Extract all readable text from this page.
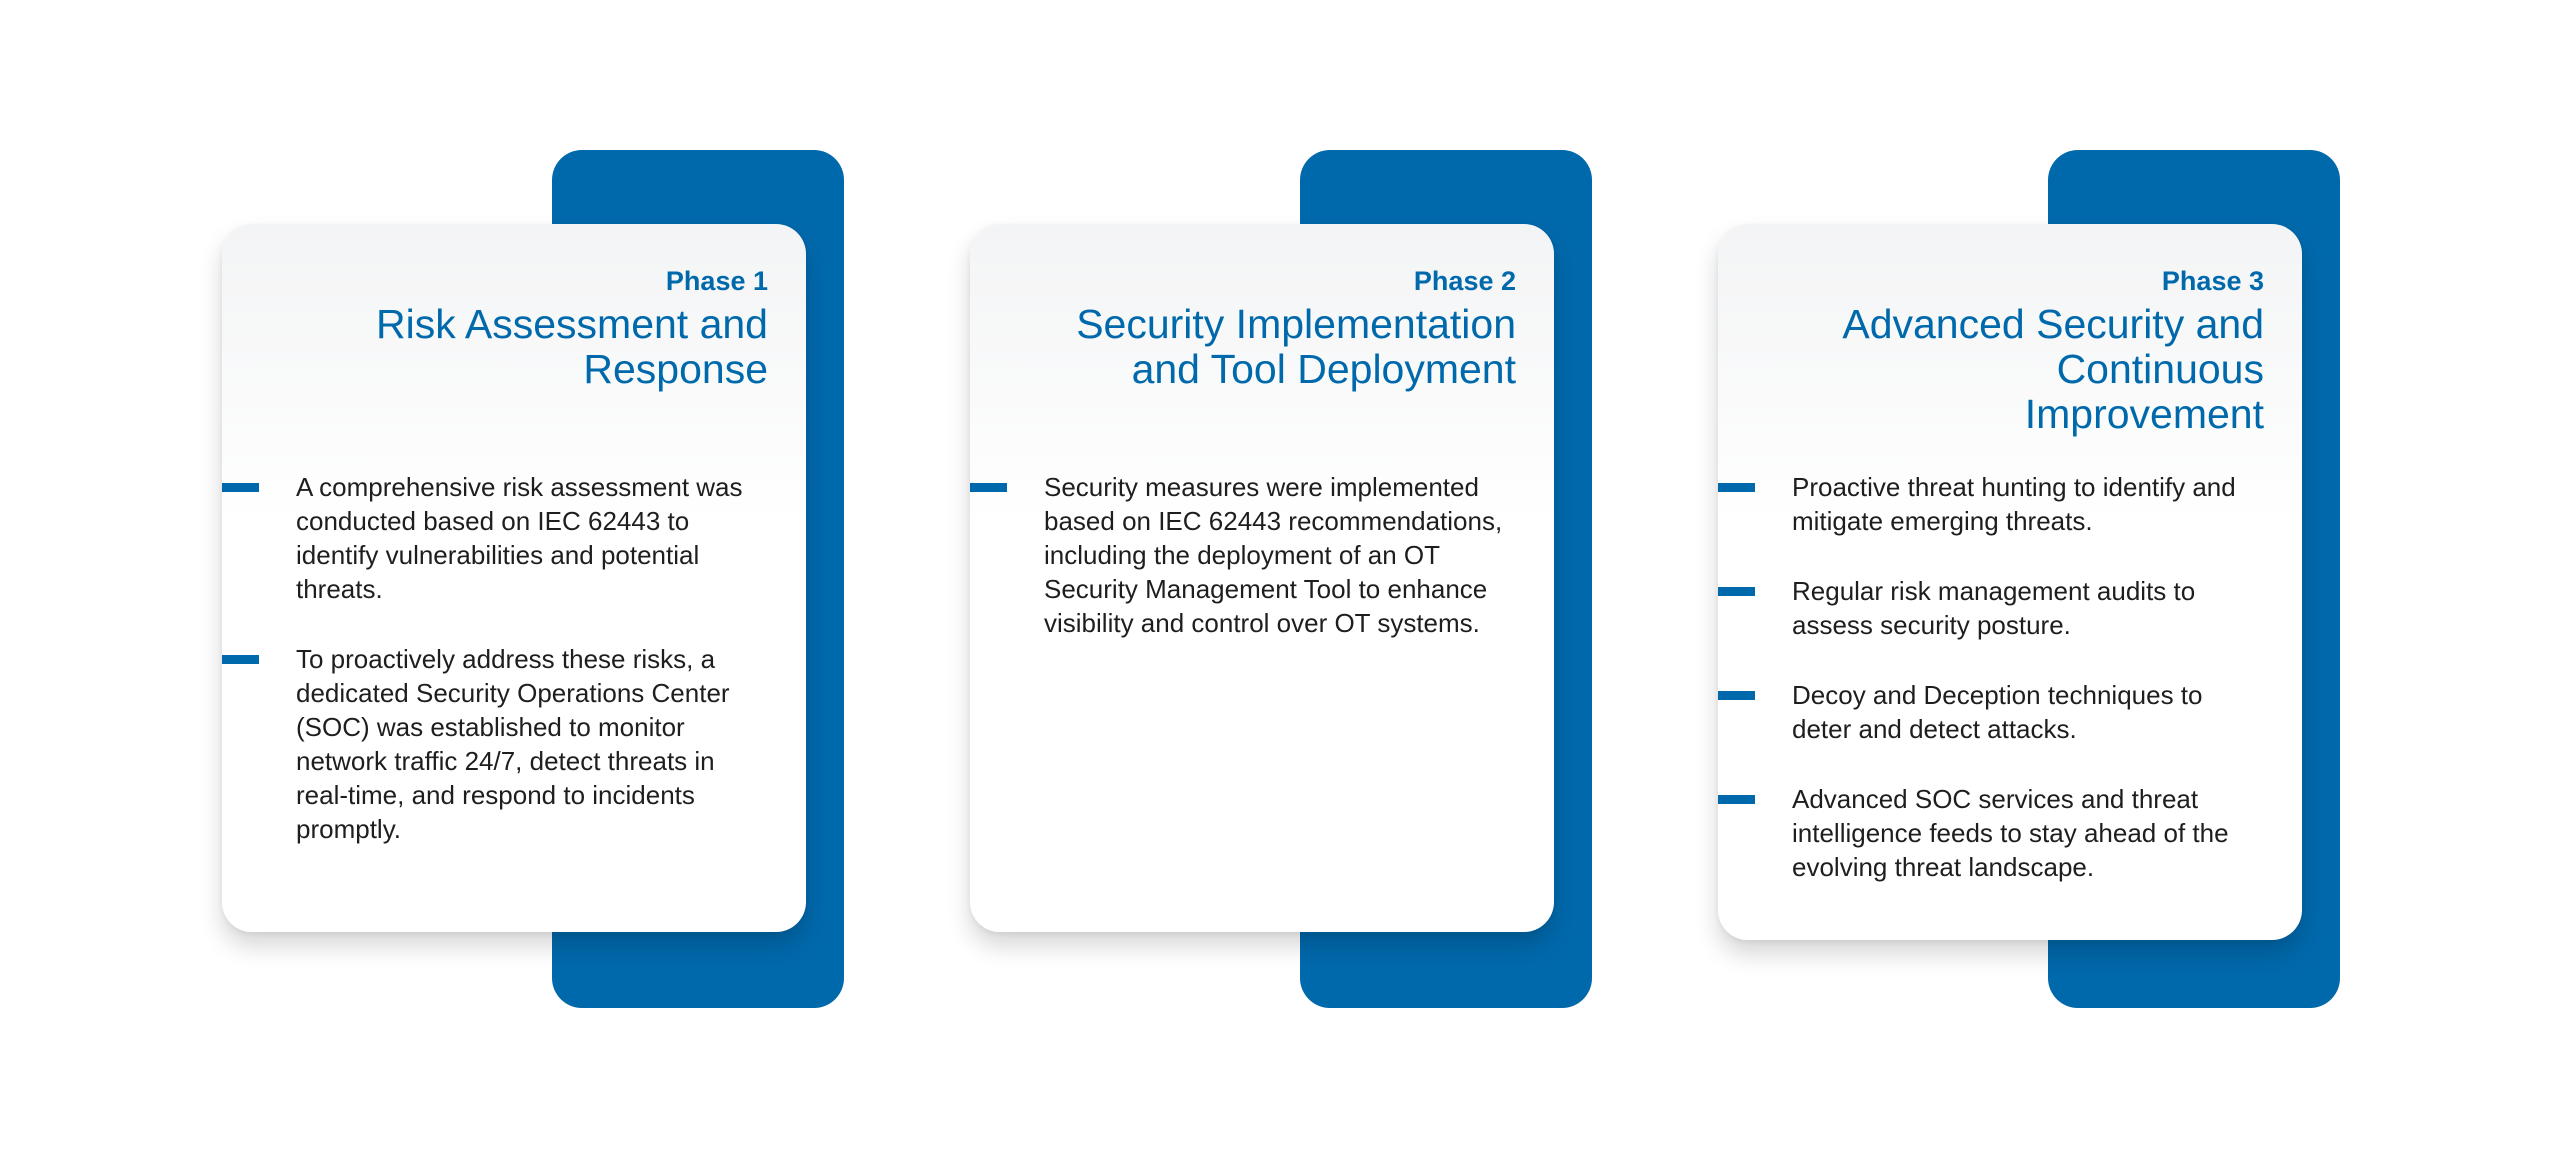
Phase 1
Risk Assessment and Response
A comprehensive risk assessment was conducted based on IEC 62443 to identify vulnerabilities and potential threats.
To proactively address these risks, a dedicated Security Operations Center (SOC) was established to monitor network traffic 24/7, detect threats in real-time, and respond to incidents promptly.
Phase 2
Security Implementation and Tool Deployment
Security measures were implemented based on IEC 62443 recommendations, including the deployment of an OT Security Management Tool to enhance visibility and control over OT systems.
Phase 3
Advanced Security and Continuous Improvement
Proactive threat hunting to identify and mitigate emerging threats.
Regular risk management audits to assess security posture.
Decoy and Deception techniques to deter and detect attacks.
Advanced SOC services and threat intelligence feeds to stay ahead of the evolving threat landscape.
